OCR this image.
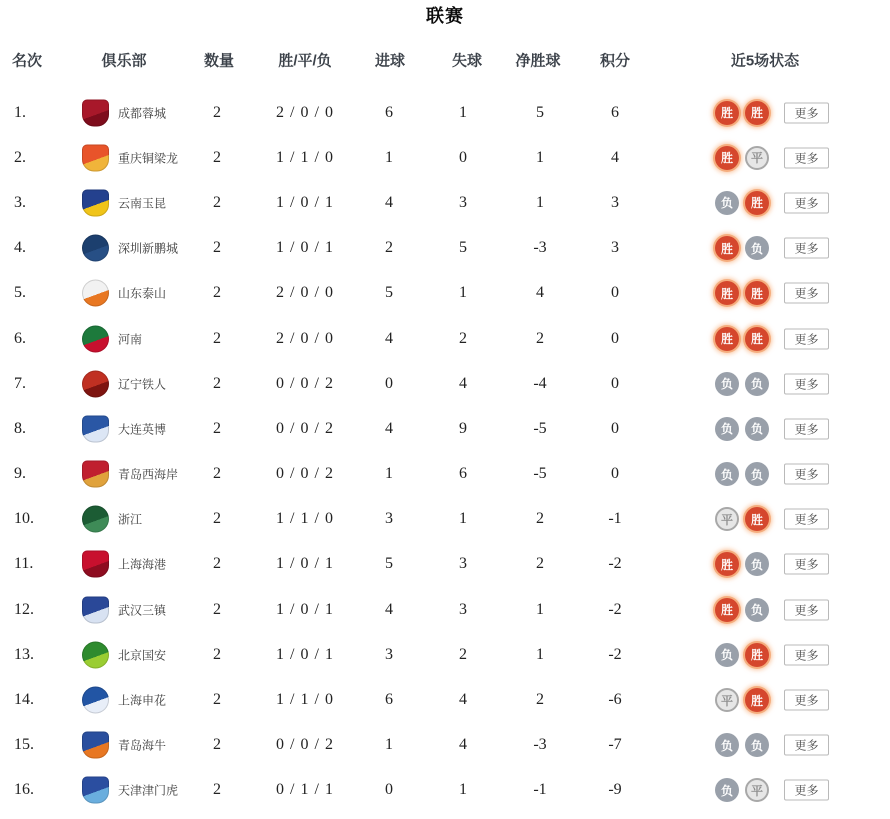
联赛
名次	俱乐部	数量	胜/平/负	进球	失球	净胜球	积分	近5场状态
1.	成都蓉城	2	2 / 0 / 0	6	1	5	6	胜	胜	更多
2.	重庆铜梁龙	2	1 / 1 / 0	1	0	1	4	胜	平	更多
3.	云南玉昆	2	1 / 0 / 1	4	3	1	3	负	胜	更多
4.	深圳新鹏城	2	1 / 0 / 1	2	5	-3	3	胜	负	更多
5.	山东泰山	2	2 / 0 / 0	5	1	4	0	胜	胜	更多
6.	河南	2	2 / 0 / 0	4	2	2	0	胜	胜	更多
7.	辽宁铁人	2	0 / 0 / 2	0	4	-4	0	负	负	更多
8.	大连英博	2	0 / 0 / 2	4	9	-5	0	负	负	更多
9.	青岛西海岸	2	0 / 0 / 2	1	6	-5	0	负	负	更多
10.	浙江	2	1 / 1 / 0	3	1	2	-1	平	胜	更多
11.	上海海港	2	1 / 0 / 1	5	3	2	-2	胜	负	更多
12.	武汉三镇	2	1 / 0 / 1	4	3	1	-2	胜	负	更多
13.	北京国安	2	1 / 0 / 1	3	2	1	-2	负	胜	更多
14.	上海申花	2	1 / 1 / 0	6	4	2	-6	平	胜	更多
15.	青岛海牛	2	0 / 0 / 2	1	4	-3	-7	负	负	更多
16.	天津津门虎	2	0 / 1 / 1	0	1	-1	-9	负	平	更多
